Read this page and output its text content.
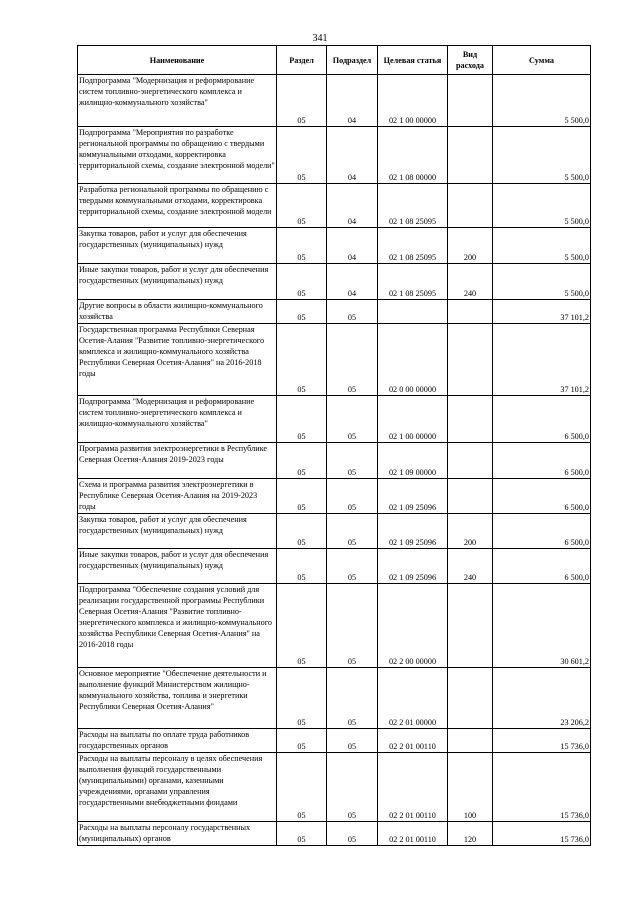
341
Наименование	Раздел	Подраздел	Целевая статья	Вид расхода	Сумма
Подпрограмма "Модернизация и реформирование систем топливно-энергетического комплекса и жилищно-коммунального хозяйства"	05	04	02 1 00 00000		5 500,0
Подпрограмма "Мероприятия по разработке региональной программы по обращению с твердыми коммунальными отходами, корректировка территориальной схемы, создание электронной модели"	05	04	02 1 08 00000		5 500,0
Разработка региональной программы по обращению с твердыми коммунальными отходами, корректировка территориальной схемы, создание электронной модели	05	04	02 1 08 25095		5 500,0
Закупка товаров, работ и услуг для обеспечения государственных (муниципальных) нужд	05	04	02 1 08 25095	200	5 500,0
Иные закупки товаров, работ и услуг для обеспечения государственных (муниципальных) нужд	05	04	02 1 08 25095	240	5 500,0
Другие вопросы в области жилищно-коммунального хозяйства	05	05			37 101,2
Государственная программа Республики Северная Осетия-Алания "Развитие топливно-энергетического комплекса и жилищно-коммунального хозяйства Республики Северная Осетия-Алания" на 2016-2018 годы	05	05	02 0 00 00000		37 101,2
Подпрограмма "Модернизация и реформирование систем топливно-энергетического комплекса и жилищно-коммунального хозяйства"	05	05	02 1 00 00000		6 500,0
Программа развития электроэнергетики в Республике Северная Осетия-Алания 2019-2023 годы	05	05	02 1 09 00000		6 500,0
Схема и программа развития электроэнергетики в Республике Северная Осетия-Алания на 2019-2023 годы	05	05	02 1 09 25096		6 500,0
Закупка товаров, работ и услуг для обеспечения государственных (муниципальных) нужд	05	05	02 1 09 25096	200	6 500,0
Иные закупки товаров, работ и услуг для обеспечения государственных (муниципальных) нужд	05	05	02 1 09 25096	240	6 500,0
Подпрограмма "Обеспечение создания условий для реализации государственной программы Республики Северная Осетия-Алания "Развитие топливно-энергетического комплекса и жилищно-коммунального хозяйства Республики Северная Осетия-Алания" на 2016-2018 годы	05	05	02 2 00 00000		30 601,2
Основное мероприятие "Обеспечение деятельности и выполнение функций Министерством жилищно-коммунального хозяйства, топлива и энергетики Республики Северная Осетия-Алания"	05	05	02 2 01 00000		23 206,2
Расходы на выплаты по оплате труда работников государственных органов	05	05	02 2 01 00110		15 736,0
Расходы на выплаты персоналу в целях обеспечения выполнения функций государственными (муниципальными) органами, казенными учреждениями, органами управления государственными внебюджетными фондами	05	05	02 2 01 00110	100	15 736,0
Расходы на выплаты персоналу государственных (муниципальных) органов	05	05	02 2 01 00110	120	15 736,0
